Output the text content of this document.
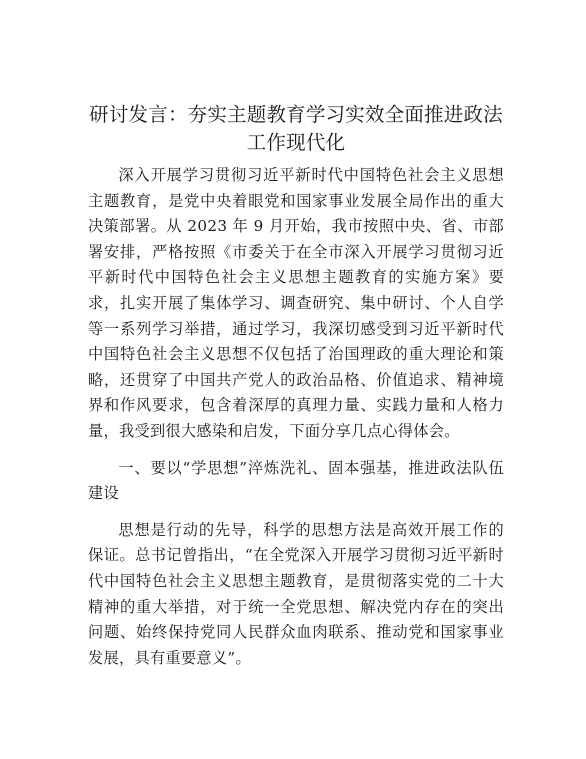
研讨发言：夯实主题教育学习实效全面推进政法工作现代化

深入开展学习贯彻习近平新时代中国特色社会主义思想主题教育，是党中央着眼党和国家事业发展全局作出的重大决策部署。从 2023 年 9 月开始，我市按照中央、省、市部署安排，严格按照《市委关于在全市深入开展学习贯彻习近平新时代中国特色社会主义思想主题教育的实施方案》要求，扎实开展了集体学习、调查研究、集中研讨、个人自学等一系列学习举措，通过学习，我深切感受到习近平新时代中国特色社会主义思想不仅包括了治国理政的重大理论和策略，还贯穿了中国共产党人的政治品格、价值追求、精神境界和作风要求，包含着深厚的真理力量、实践力量和人格力量，我受到很大感染和启发，下面分享几点心得体会。

一、要以“学思想”淬炼洗礼、固本强基，推进政法队伍建设

思想是行动的先导，科学的思想方法是高效开展工作的保证。总书记曾指出，“在全党深入开展学习贯彻习近平新时代中国特色社会主义思想主题教育，是贯彻落实党的二十大精神的重大举措，对于统一全党思想、解决党内存在的突出问题、始终保持党同人民群众血肉联系、推动党和国家事业发展，具有重要意义”。
